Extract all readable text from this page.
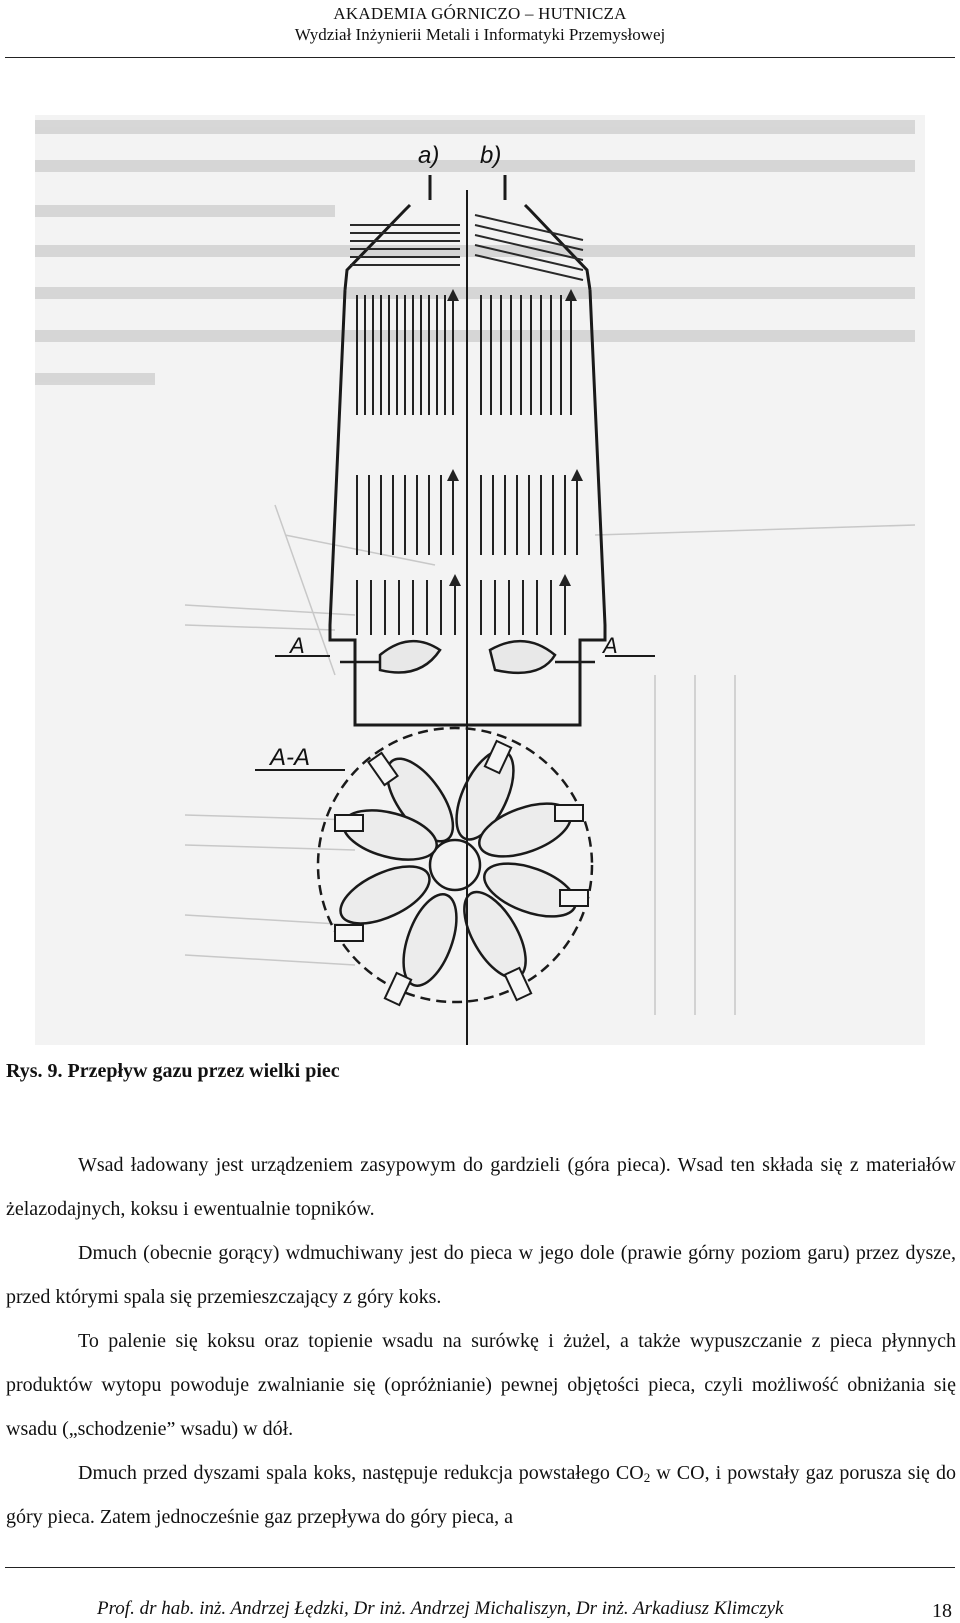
AKADEMIA GÓRNICZO – HUTNICZA
Wydział Inżynierii Metali i Informatyki Przemysłowej
A	A
A-A
a) b)
Rys. 9. Przepływ gazu przez wielki piec

Wsad ładowany jest urządzeniem zasypowym do gardzieli (góra pieca). Wsad ten składa się z materiałów żelazodajnych, koksu i ewentualnie topników.

Dmuch (obecnie gorący) wdmuchiwany jest do pieca w jego dole (prawie górny poziom garu) przez dysze, przed którymi spala się przemieszczający z góry koks.

To palenie się koksu oraz topienie wsadu na surówkę i żużel, a także wypuszczanie z pieca płynnych produktów wytopu powoduje zwalnianie się (opróżnianie) pewnej objętości pieca, czyli możliwość obniżania się wsadu („schodzenie” wsadu) w dół.

Dmuch przed dyszami spala koks, następuje redukcja powstałego $CO_2$ w CO, i powstały gaz porusza się do góry pieca. Zatem jednocześnie gaz przepływa do góry pieca, a

Prof. dr hab. inż. Andrzej Łędzki, Dr inż. Andrzej Michaliszyn, Dr inż. Arkadiusz Klimczyk	18
